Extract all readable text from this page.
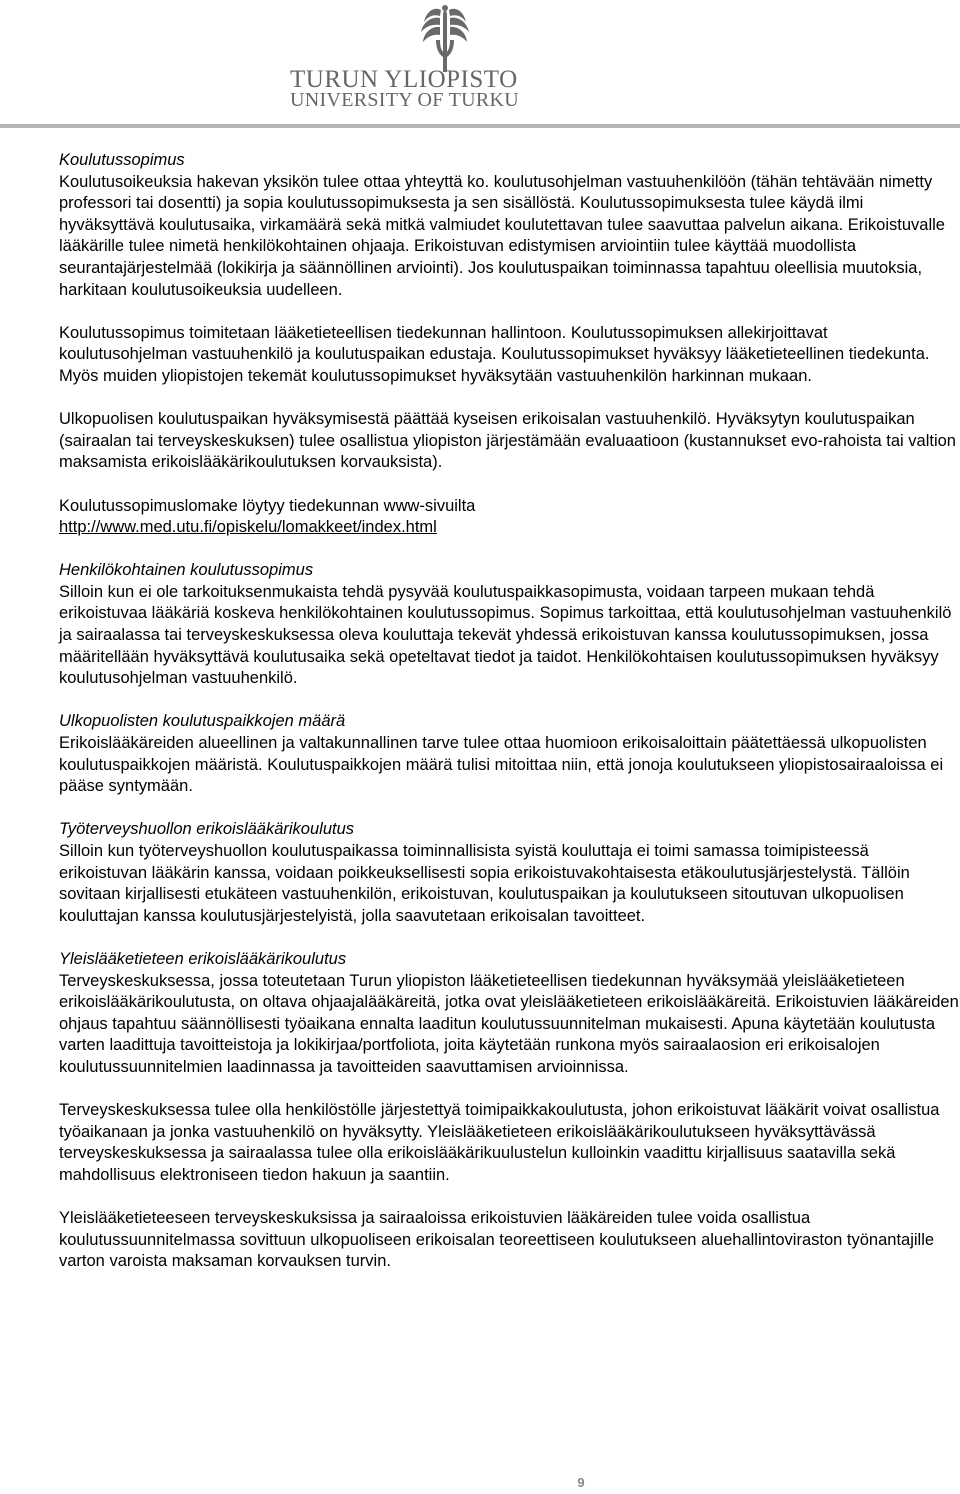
TURUN YLIOPISTO
UNIVERSITY OF TURKU

Koulutussopimus

Koulutusoikeuksia hakevan yksikön tulee ottaa yhteyttä ko. koulutusohjelman vastuuhenkilöön (tähän tehtävään nimetty professori tai dosentti) ja sopia koulutussopimuksesta ja sen sisällöstä. Koulutussopimuksesta tulee käydä ilmi hyväksyttävä koulutusaika, virkamäärä sekä mitkä valmiudet koulutettavan tulee saavuttaa palvelun aikana. Erikoistuvalle lääkärille tulee nimetä henkilökohtainen ohjaaja. Erikoistuvan edistymisen arviointiin tulee käyttää muodollista seurantajärjestelmää (lokikirja ja säännöllinen arviointi). Jos koulutuspaikan toiminnassa tapahtuu oleellisia muutoksia, harkitaan koulutusoikeuksia uudelleen.

Koulutussopimus toimitetaan lääketieteellisen tiedekunnan hallintoon. Koulutussopimuksen allekirjoittavat koulutusohjelman vastuuhenkilö ja koulutuspaikan edustaja. Koulutussopimukset hyväksyy lääketieteellinen tiedekunta. Myös muiden yliopistojen tekemät koulutussopimukset hyväksytään vastuuhenkilön harkinnan mukaan.

Ulkopuolisen koulutuspaikan hyväksymisestä päättää kyseisen erikoisalan vastuuhenkilö. Hyväksytyn koulutuspaikan (sairaalan tai terveyskeskuksen) tulee osallistua yliopiston järjestämään evaluaatioon (kustannukset evo-rahoista tai valtion maksamista erikoislääkärikoulutuksen korvauksista).

Koulutussopimuslomake löytyy tiedekunnan www-sivuilta

http://www.med.utu.fi/opiskelu/lomakkeet/index.html

Henkilökohtainen koulutussopimus

Silloin kun ei ole tarkoituksenmukaista tehdä pysyvää koulutuspaikkasopimusta, voidaan tarpeen mukaan tehdä erikoistuvaa lääkäriä koskeva henkilökohtainen koulutussopimus. Sopimus tarkoittaa, että koulutusohjelman vastuuhenkilö ja sairaalassa tai terveyskeskuksessa oleva kouluttaja tekevät yhdessä erikoistuvan kanssa koulutussopimuksen, jossa määritellään hyväksyttävä koulutusaika sekä opeteltavat tiedot ja taidot. Henkilökohtaisen koulutussopimuksen hyväksyy koulutusohjelman vastuuhenkilö.

Ulkopuolisten koulutuspaikkojen määrä

Erikoislääkäreiden alueellinen ja valtakunnallinen tarve tulee ottaa huomioon erikoisaloittain päätettäessä ulkopuolisten koulutuspaikkojen määristä. Koulutuspaikkojen määrä tulisi mitoittaa niin, että jonoja koulutukseen yliopistosairaaloissa ei pääse syntymään.

Työterveyshuollon erikoislääkärikoulutus

Silloin kun työterveyshuollon koulutuspaikassa toiminnallisista syistä kouluttaja ei toimi samassa toimipisteessä erikoistuvan lääkärin kanssa, voidaan poikkeuksellisesti sopia erikoistuvakohtaisesta etäkoulutusjärjestelystä. Tällöin sovitaan kirjallisesti etukäteen vastuuhenkilön, erikoistuvan, koulutuspaikan ja koulutukseen sitoutuvan ulkopuolisen kouluttajan kanssa koulutusjärjestelyistä, jolla saavutetaan erikoisalan tavoitteet.

Yleislääketieteen erikoislääkärikoulutus

Terveyskeskuksessa, jossa toteutetaan Turun yliopiston lääketieteellisen tiedekunnan hyväksymää yleislääketieteen erikoislääkärikoulutusta, on oltava ohjaajalääkäreitä, jotka ovat yleislääketieteen erikoislääkäreitä. Erikoistuvien lääkäreiden ohjaus tapahtuu säännöllisesti työaikana ennalta laaditun koulutussuunnitelman mukaisesti. Apuna käytetään koulutusta varten laadittuja tavoitteistoja ja lokikirjaa/portfoliota, joita käytetään runkona myös sairaalaosion eri erikoisalojen koulutussuunnitelmien laadinnassa ja tavoitteiden saavuttamisen arvioinnissa.

Terveyskeskuksessa tulee olla henkilöstölle järjestettyä toimipaikkakoulutusta, johon erikoistuvat lääkärit voivat osallistua työaikanaan ja jonka vastuuhenkilö on hyväksytty. Yleislääketieteen erikoislääkärikoulutukseen hyväksyttävässä terveyskeskuksessa ja sairaalassa tulee olla erikoislääkärikuulustelun kulloinkin vaadittu kirjallisuus saatavilla sekä mahdollisuus elektroniseen tiedon hakuun ja saantiin.

Yleislääketieteeseen terveyskeskuksissa ja sairaaloissa erikoistuvien lääkäreiden tulee voida osallistua koulutussuunnitelmassa sovittuun ulkopuoliseen erikoisalan teoreettiseen koulutukseen aluehallintoviraston työnantajille varton varoista maksaman korvauksen turvin.

9
